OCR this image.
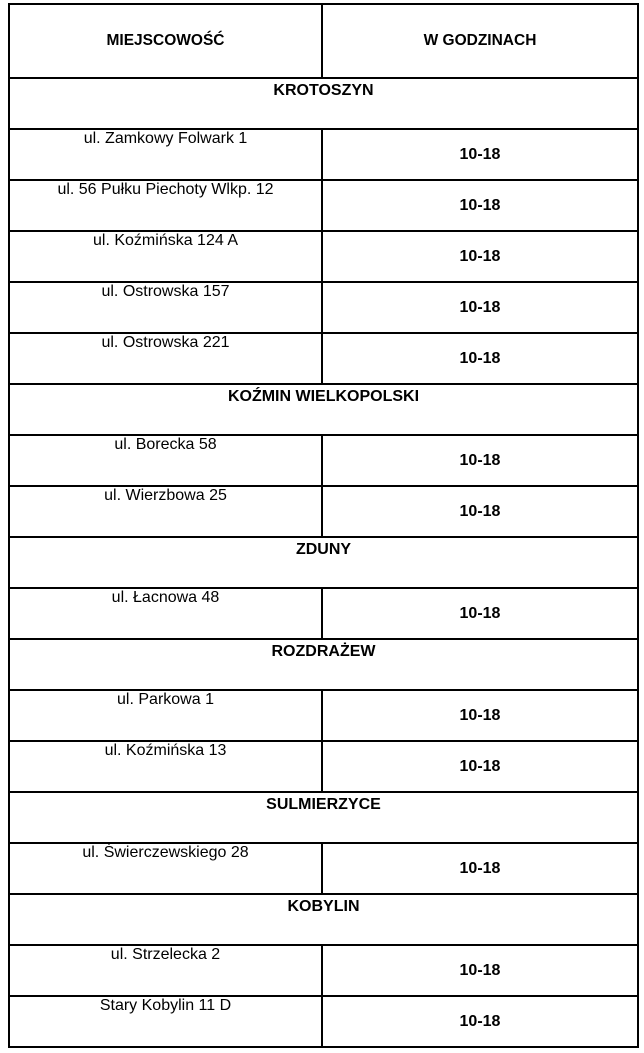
MIEJSCOWOŚĆ	W GODZINACH
KROTOSZYN	
ul. Zamkowy Folwark 1	10-18
ul. 56 Pułku Piechoty Wlkp. 12	10-18
ul. Koźmińska 124 A	10-18
ul. Ostrowska 157	10-18
ul. Ostrowska 221	10-18
KOŹMIN WIELKOPOLSKI	
ul. Borecka 58	10-18
ul. Wierzbowa 25	10-18
ZDUNY	
ul. Łacnowa 48	10-18
ROZDRAŻEW	
ul. Parkowa 1	10-18
ul. Koźmińska 13	10-18
SULMIERZYCE	
ul. Świerczewskiego 28	10-18
KOBYLIN	
ul. Strzelecka 2	10-18
Stary Kobylin 11 D	10-18
